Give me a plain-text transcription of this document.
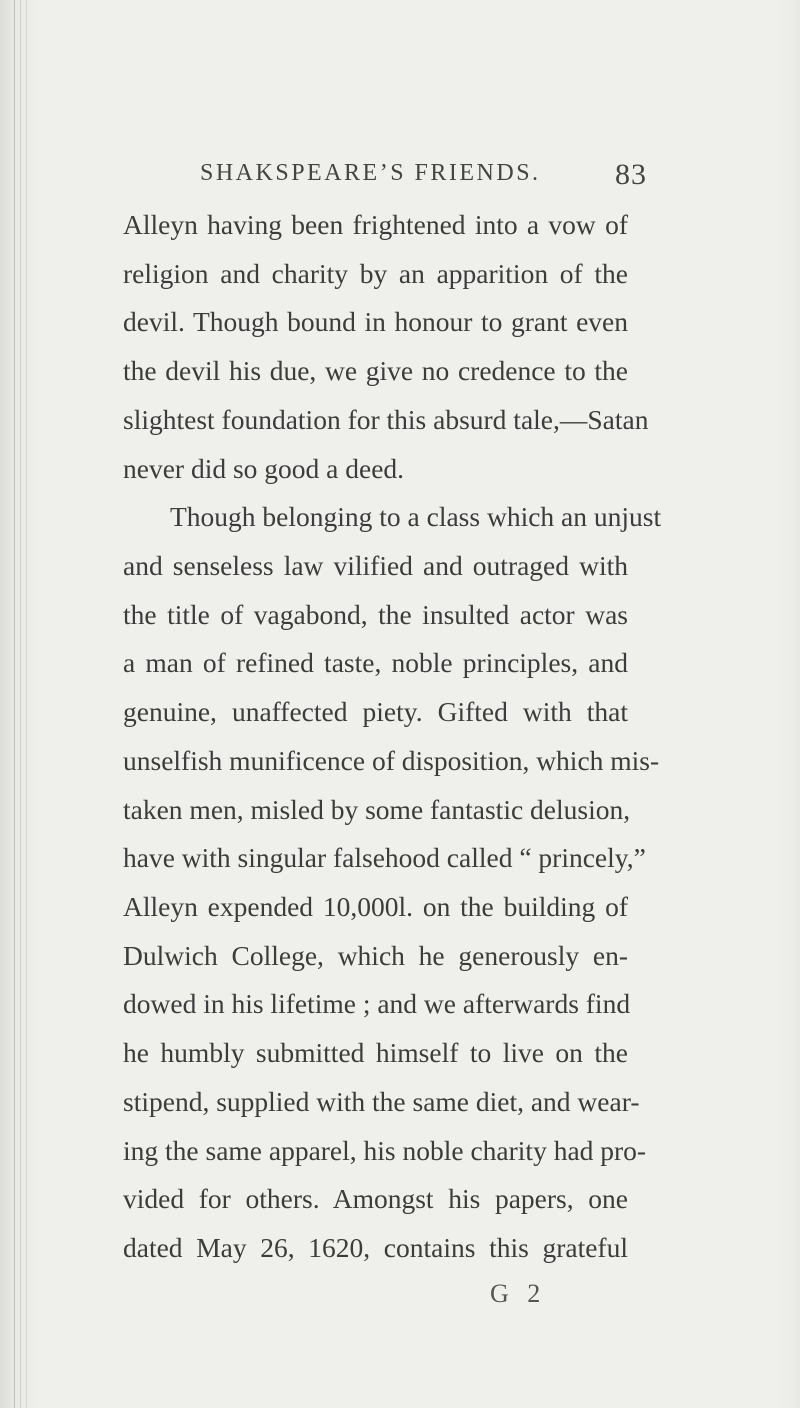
SHAKSPEARE’S FRIENDS. 83
Alleyn having been frightened into a vow of
religion and charity by an apparition of the
devil. Though bound in honour to grant even
the devil his due, we give no credence to the
slightest foundation for this absurd tale,—Satan
never did so good a deed.
Though belonging to a class which an unjust
and senseless law vilified and outraged with
the title of vagabond, the insulted actor was
a man of refined taste, noble principles, and
genuine, unaffected piety. Gifted with that
unselfish munificence of disposition, which mis-
taken men, misled by some fantastic delusion,
have with singular falsehood called “ princely,”
Alleyn expended 10,000l. on the building of
Dulwich College, which he generously en-
dowed in his lifetime ; and we afterwards find
he humbly submitted himself to live on the
stipend, supplied with the same diet, and wear-
ing the same apparel, his noble charity had pro-
vided for others. Amongst his papers, one
dated May 26, 1620, contains this grateful
G 2
